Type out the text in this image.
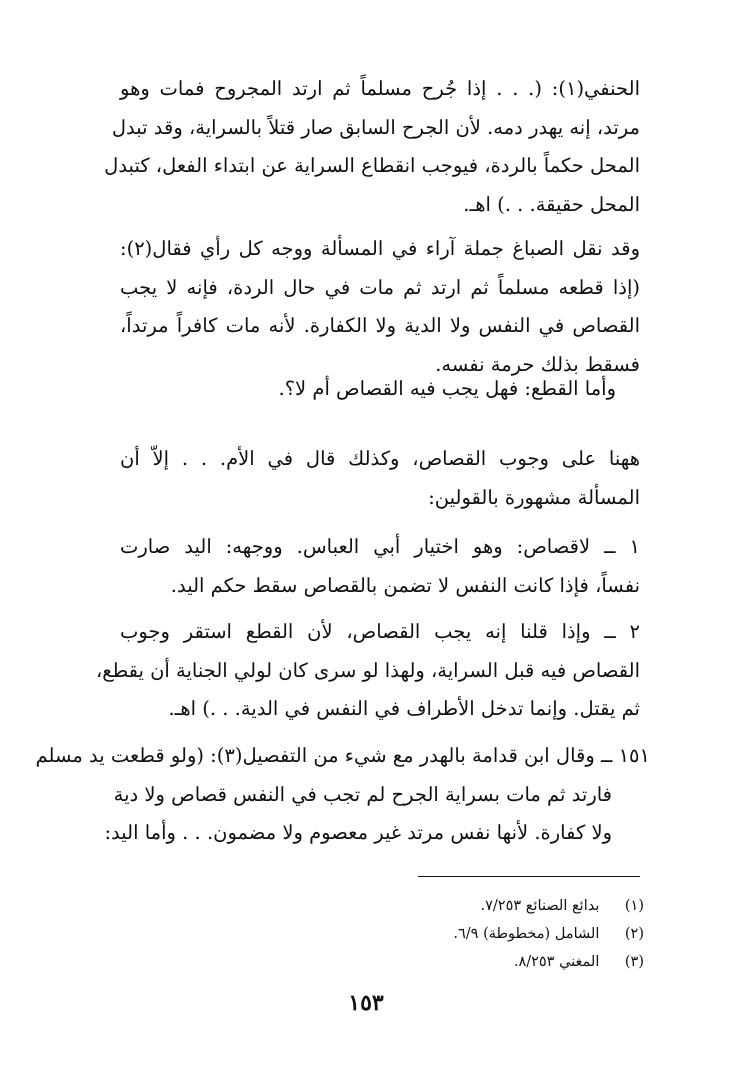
الحنفي(١): (. . . إذا جُرح مسلماً ثم ارتد المجروح فمات وهو
مرتد، إنه يهدر دمه. لأن الجرح السابق صار قتلاً بالسراية، وقد تبدل
المحل حكماً بالردة، فيوجب انقطاع السراية عن ابتداء الفعل، كتبدل
المحل حقيقة. . .) اهـ.
وقد نقل الصباغ جملة آراء في المسألة ووجه كل رأي فقال(٢):
(إذا قطعه مسلماً ثم ارتد ثم مات في حال الردة، فإنه لا يجب
القصاص في النفس ولا الدية ولا الكفارة. لأنه مات كافراً مرتداً،
فسقط بذلك حرمة نفسه.
وأما القطع: فهل يجب فيه القصاص أم لا؟.
ههنا على وجوب القصاص، وكذلك قال في الأم. . . إلاّ أن
المسألة مشهورة بالقولين:
١ ــ لاقصاص: وهو اختيار أبي العباس. ووجهه: اليد صارت
نفساً، فإذا كانت النفس لا تضمن بالقصاص سقط حكم اليد.
٢ ــ وإذا قلنا إنه يجب القصاص، لأن القطع استقر وجوب
القصاص فيه قبل السراية، ولهذا لو سرى كان لولي الجناية أن يقطع،
ثم يقتل. وإنما تدخل الأطراف في النفس في الدية. . .) اهـ.
١٥١ ــ وقال ابن قدامة بالهدر مع شيء من التفصيل(٣): (ولو قطعت يد مسلم
فارتد ثم مات بسراية الجرح لم تجب في النفس قصاص ولا دية
ولا كفارة. لأنها نفس مرتد غير معصوم ولا مضمون. . . وأما اليد:
(١) بدائع الصنائع ٧/٢٥٣.
(٢) الشامل (مخطوطة) ٦/٩.
(٣) المغني ٨/٢٥٣.
١٥٣
